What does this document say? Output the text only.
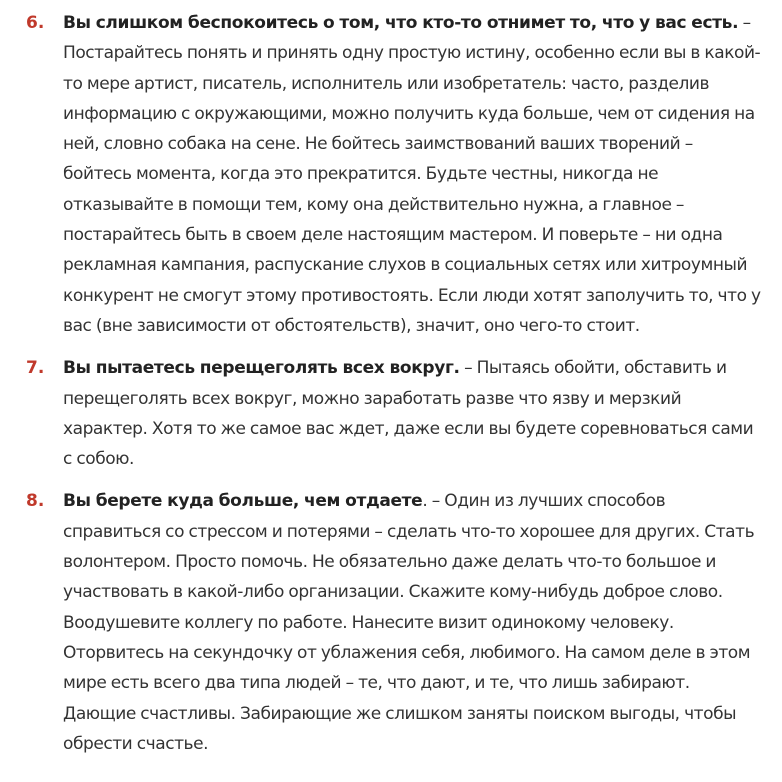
6.	Вы слишком беспокоитесь о том, что кто-то отнимет то, что у вас есть. – Постарайтесь понять и принять одну простую истину, особенно если вы в какой-то мере артист, писатель, исполнитель или изобретатель: часто, разделив информацию с окружающими, можно получить куда больше, чем от сидения на ней, словно собака на сене. Не бойтесь заимствований ваших творений – бойтесь момента, когда это прекратится. Будьте честны, никогда не отказывайте в помощи тем, кому она действительно нужна, а главное – постарайтесь быть в своем деле настоящим мастером. И поверьте – ни одна рекламная кампания, распускание слухов в социальных сетях или хитроумный конкурент не смогут этому противостоять. Если люди хотят заполучить то, что у вас (вне зависимости от обстоятельств), значит, оно чего-то стоит.
7.	Вы пытаетесь перещеголять всех вокруг. – Пытаясь обойти, обставить и перещеголять всех вокруг, можно заработать разве что язву и мерзкий характер. Хотя то же самое вас ждет, даже если вы будете соревноваться сами с собою.
8.	Вы берете куда больше, чем отдаете. – Один из лучших способов справиться со стрессом и потерями – сделать что-то хорошее для других. Стать волонтером. Просто помочь. Не обязательно даже делать что-то большое и участвовать в какой-либо организации. Скажите кому-нибудь доброе слово. Воодушевите коллегу по работе. Нанесите визит одинокому человеку. Оторвитесь на секундочку от ублажения себя, любимого. На самом деле в этом мире есть всего два типа людей – те, что дают, и те, что лишь забирают. Дающие счастливы. Забирающие же слишком заняты поиском выгоды, чтобы обрести счастье.
